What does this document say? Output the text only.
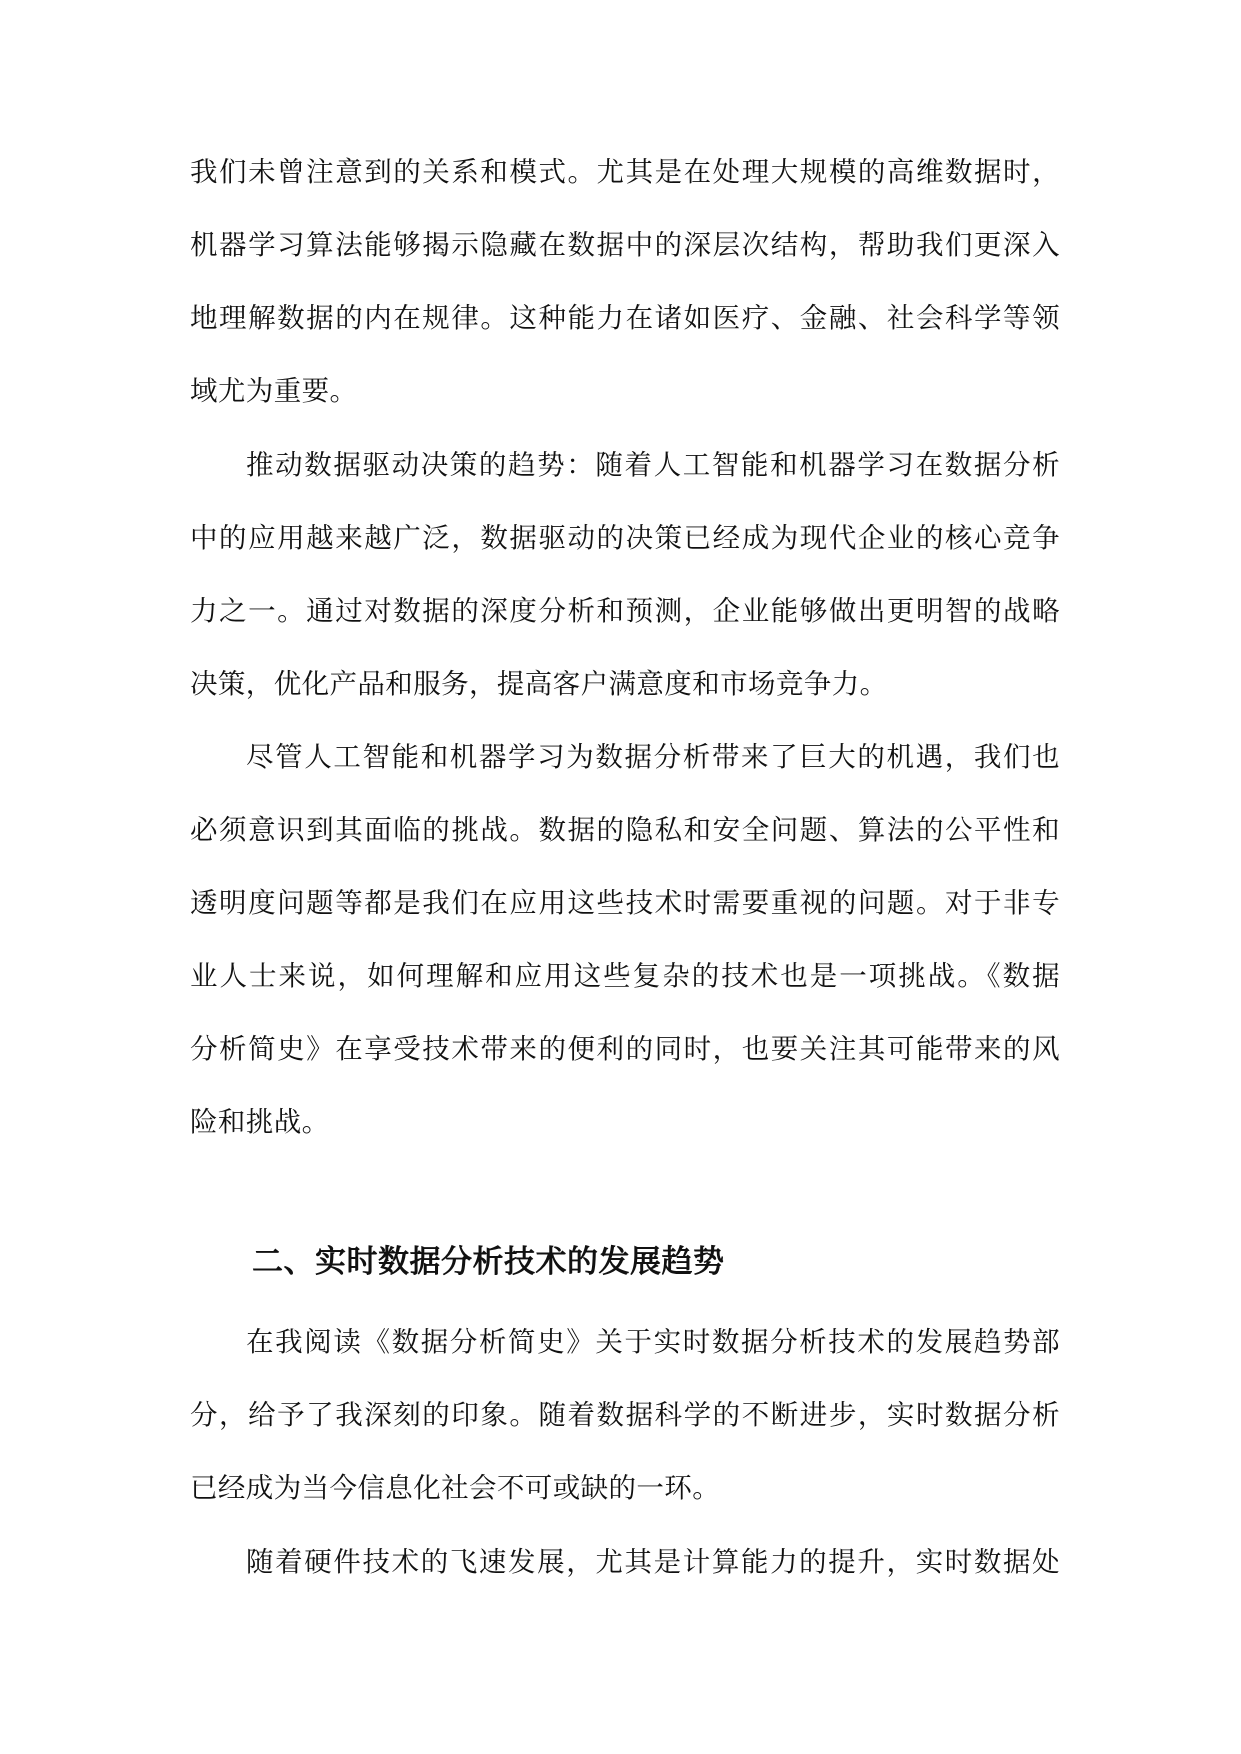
我们未曾注意到的关系和模式。尤其是在处理大规模的高维数据时，
机器学习算法能够揭示隐藏在数据中的深层次结构，帮助我们更深入
地理解数据的内在规律。这种能力在诸如医疗、金融、社会科学等领
域尤为重要。
推动数据驱动决策的趋势：随着人工智能和机器学习在数据分析
中的应用越来越广泛，数据驱动的决策已经成为现代企业的核心竞争
力之一。通过对数据的深度分析和预测，企业能够做出更明智的战略
决策，优化产品和服务，提高客户满意度和市场竞争力。
尽管人工智能和机器学习为数据分析带来了巨大的机遇，我们也
必须意识到其面临的挑战。数据的隐私和安全问题、算法的公平性和
透明度问题等都是我们在应用这些技术时需要重视的问题。对于非专
业人士来说，如何理解和应用这些复杂的技术也是一项挑战。《数据
分析简史》在享受技术带来的便利的同时，也要关注其可能带来的风
险和挑战。
二、实时数据分析技术的发展趋势
在我阅读《数据分析简史》关于实时数据分析技术的发展趋势部
分，给予了我深刻的印象。随着数据科学的不断进步，实时数据分析
已经成为当今信息化社会不可或缺的一环。
随着硬件技术的飞速发展，尤其是计算能力的提升，实时数据处
